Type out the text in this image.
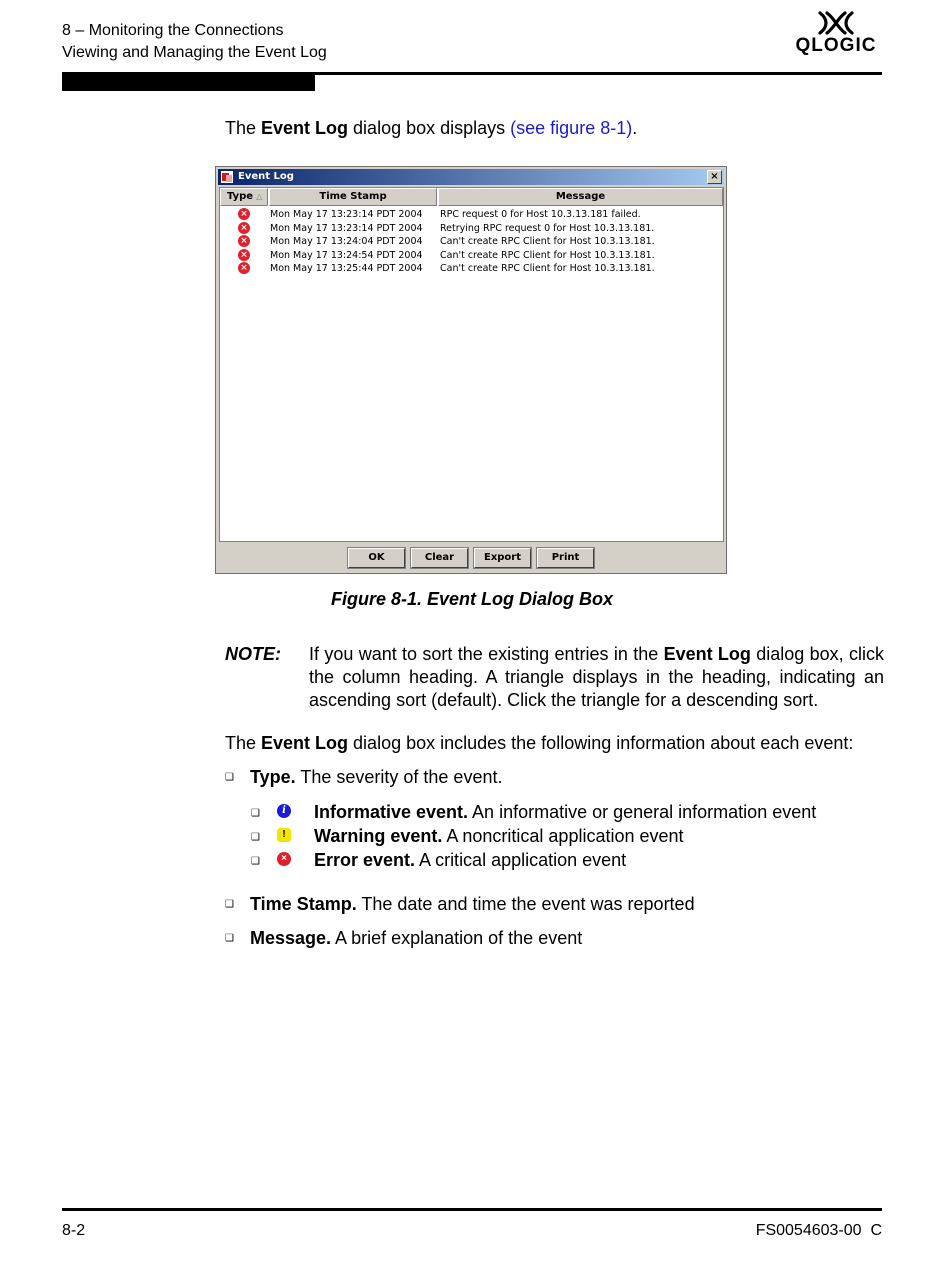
8 – Monitoring the Connections
Viewing and Managing the Event Log	QLOGIC
The Event Log dialog box displays (see figure 8-1).
Event Log	×
Type △	Time Stamp	Message
× Mon May 17 13:23:14 PDT 2004 RPC request 0 for Host 10.3.13.181 failed.
× Mon May 17 13:23:14 PDT 2004 Retrying RPC request 0 for Host 10.3.13.181.
× Mon May 17 13:24:04 PDT 2004 Can't create RPC Client for Host 10.3.13.181.
× Mon May 17 13:24:54 PDT 2004 Can't create RPC Client for Host 10.3.13.181.
× Mon May 17 13:25:44 PDT 2004 Can't create RPC Client for Host 10.3.13.181.
OK	Clear	Export	Print
Figure 8-1. Event Log Dialog Box
NOTE: If you want to sort the existing entries in the Event Log dialog box, click the column heading. A triangle displays in the heading, indicating an ascending sort (default). Click the triangle for a descending sort.
The Event Log dialog box includes the following information about each event:
❑ Type. The severity of the event.
❑	i Informative event. An informative or general information event
❑	! Warning event. A noncritical application event
❑	× Error event. A critical application event
❑ Time Stamp. The date and time the event was reported
❑ Message. A brief explanation of the event
8-2	FS0054603-00  C
